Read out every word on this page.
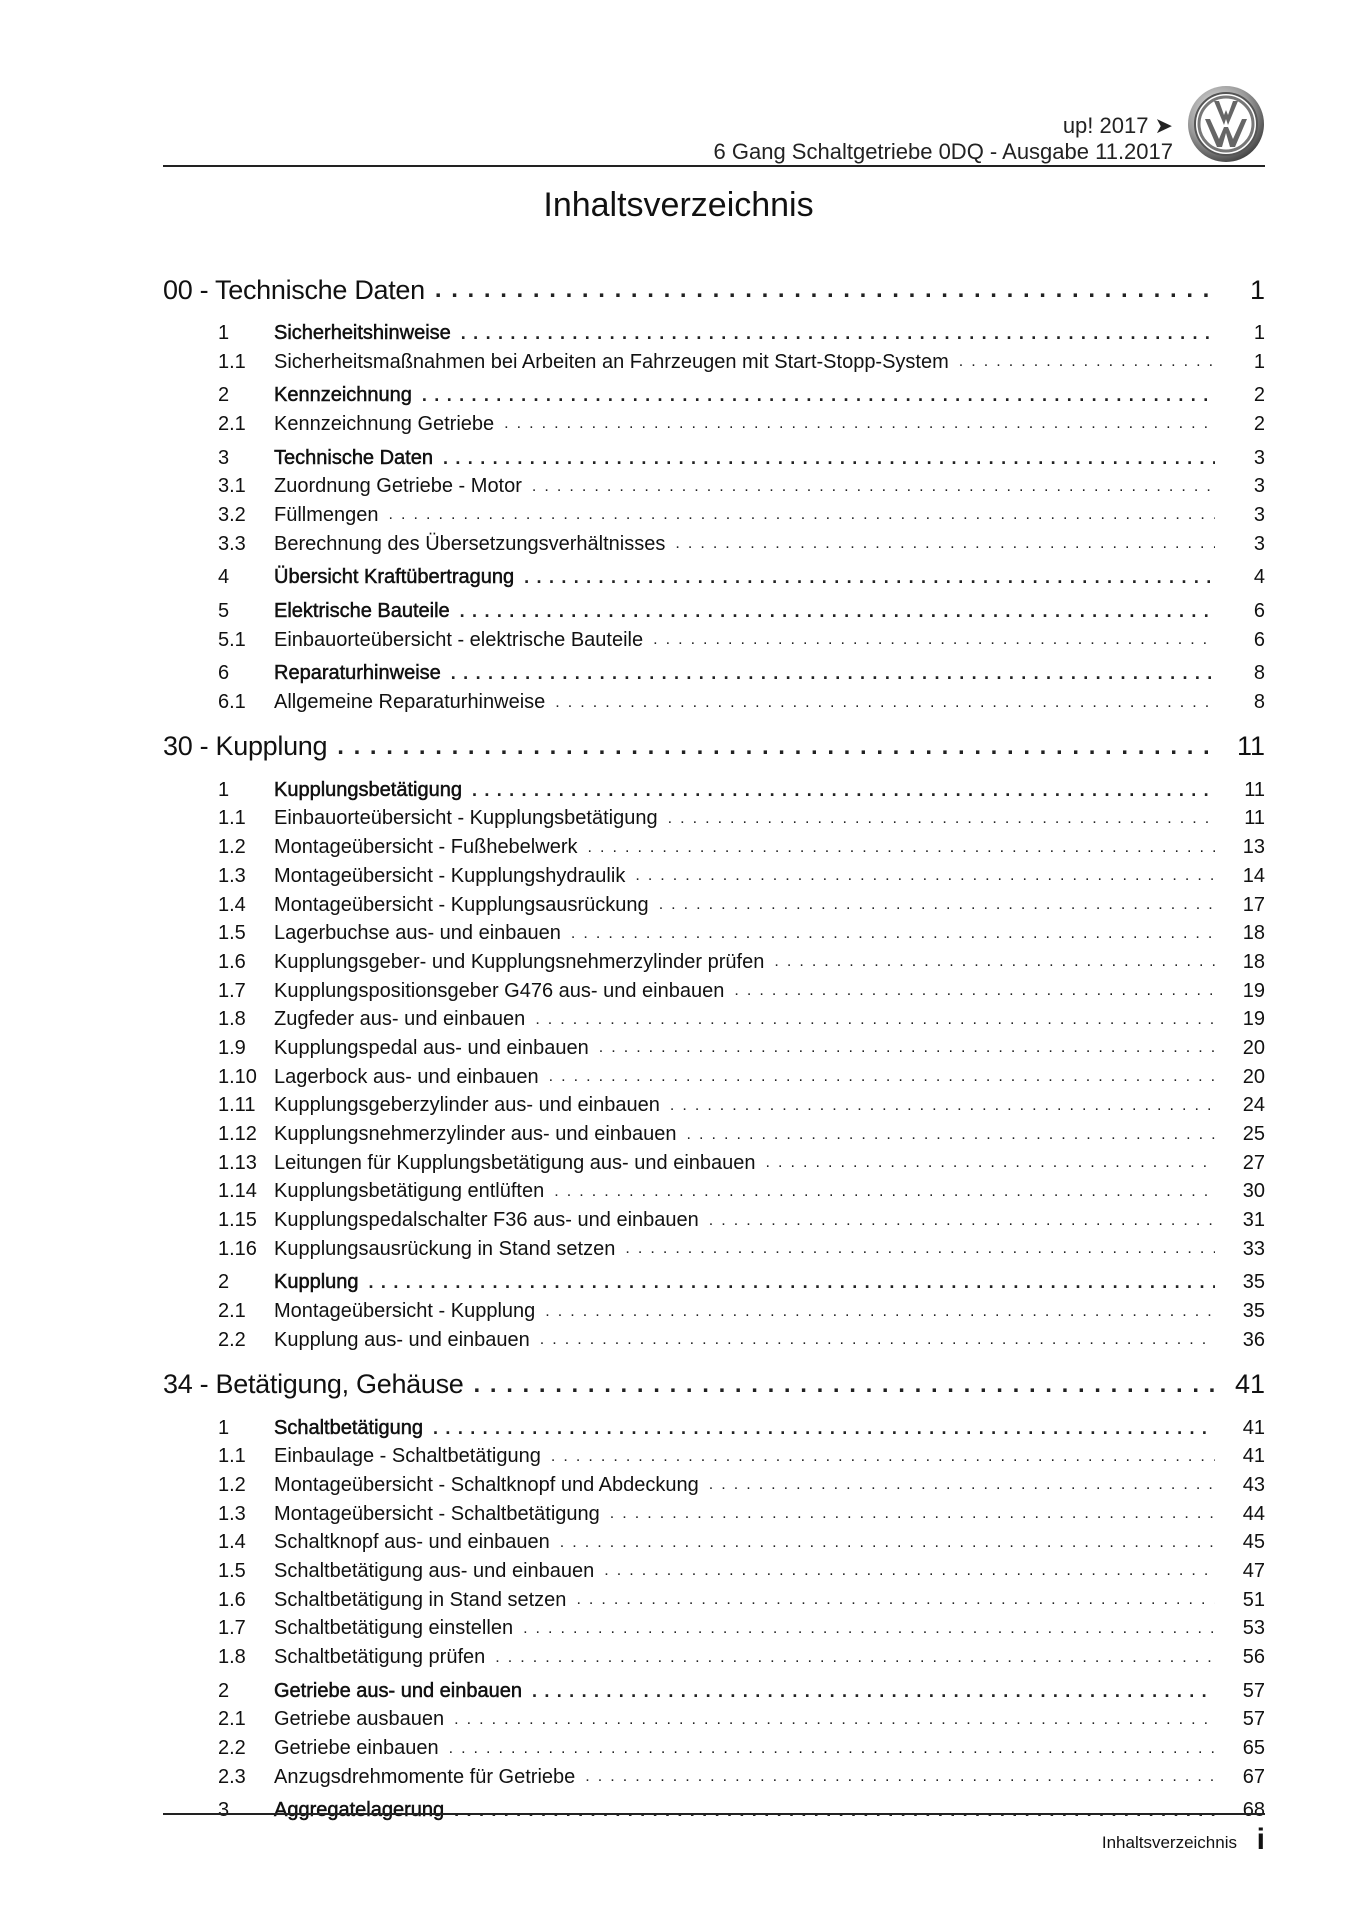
up! 2017 ➤
6 Gang Schaltgetriebe 0DQ - Ausgabe 11.2017
Inhaltsverzeichnis
00 - Technische Daten . . .	1
1	Sicherheitshinweise . . .	1
1.1	Sicherheitsmaßnahmen bei Arbeiten an Fahrzeugen mit Start-Stopp-System . . .	1
2	Kennzeichnung . . .	2
2.1	Kennzeichnung Getriebe . . .	2
3	Technische Daten . . .	3
3.1	Zuordnung Getriebe - Motor . . .	3
3.2	Füllmengen . . .	3
3.3	Berechnung des Übersetzungsverhältnisses . . .	3
4	Übersicht Kraftübertragung . . .	4
5	Elektrische Bauteile . . .	6
5.1	Einbauorteübersicht - elektrische Bauteile . . .	6
6	Reparaturhinweise . . .	8
6.1	Allgemeine Reparaturhinweise . . .	8
30 - Kupplung . . .	11
1	Kupplungsbetätigung . . .	11
1.1	Einbauorteübersicht - Kupplungsbetätigung . . .	11
1.2	Montageübersicht - Fußhebelwerk . . .	13
1.3	Montageübersicht - Kupplungshydraulik . . .	14
1.4	Montageübersicht - Kupplungsausrückung . . .	17
1.5	Lagerbuchse aus- und einbauen . . .	18
1.6	Kupplungsgeber- und Kupplungsnehmerzylinder prüfen . . .	18
1.7	Kupplungspositionsgeber G476 aus- und einbauen . . .	19
1.8	Zugfeder aus- und einbauen . . .	19
1.9	Kupplungspedal aus- und einbauen . . .	20
1.10 Lagerbock aus- und einbauen . . .	20
1.11 Kupplungsgeberzylinder aus- und einbauen . . .	24
1.12 Kupplungsnehmerzylinder aus- und einbauen . . .	25
1.13 Leitungen für Kupplungsbetätigung aus- und einbauen . . .	27
1.14 Kupplungsbetätigung entlüften . . .	30
1.15 Kupplungspedalschalter F36 aus- und einbauen . . .	31
1.16 Kupplungsausrückung in Stand setzen . . .	33
2	Kupplung . . .	35
2.1	Montageübersicht - Kupplung . . .	35
2.2	Kupplung aus- und einbauen . . .	36
34 - Betätigung, Gehäuse . . .	41
1	Schaltbetätigung . . .	41
1.1	Einbaulage - Schaltbetätigung . . .	41
1.2	Montageübersicht - Schaltknopf und Abdeckung . . .	43
1.3	Montageübersicht - Schaltbetätigung . . .	44
1.4	Schaltknopf aus- und einbauen . . .	45
1.5	Schaltbetätigung aus- und einbauen . . .	47
1.6	Schaltbetätigung in Stand setzen . . .	51
1.7	Schaltbetätigung einstellen . . .	53
1.8	Schaltbetätigung prüfen . . .	56
2	Getriebe aus- und einbauen . . .	57
2.1	Getriebe ausbauen . . .	57
2.2	Getriebe einbauen . . .	65
2.3	Anzugsdrehmomente für Getriebe . . .	67
3	Aggregatelagerung . . .	68
Inhaltsverzeichnis i
